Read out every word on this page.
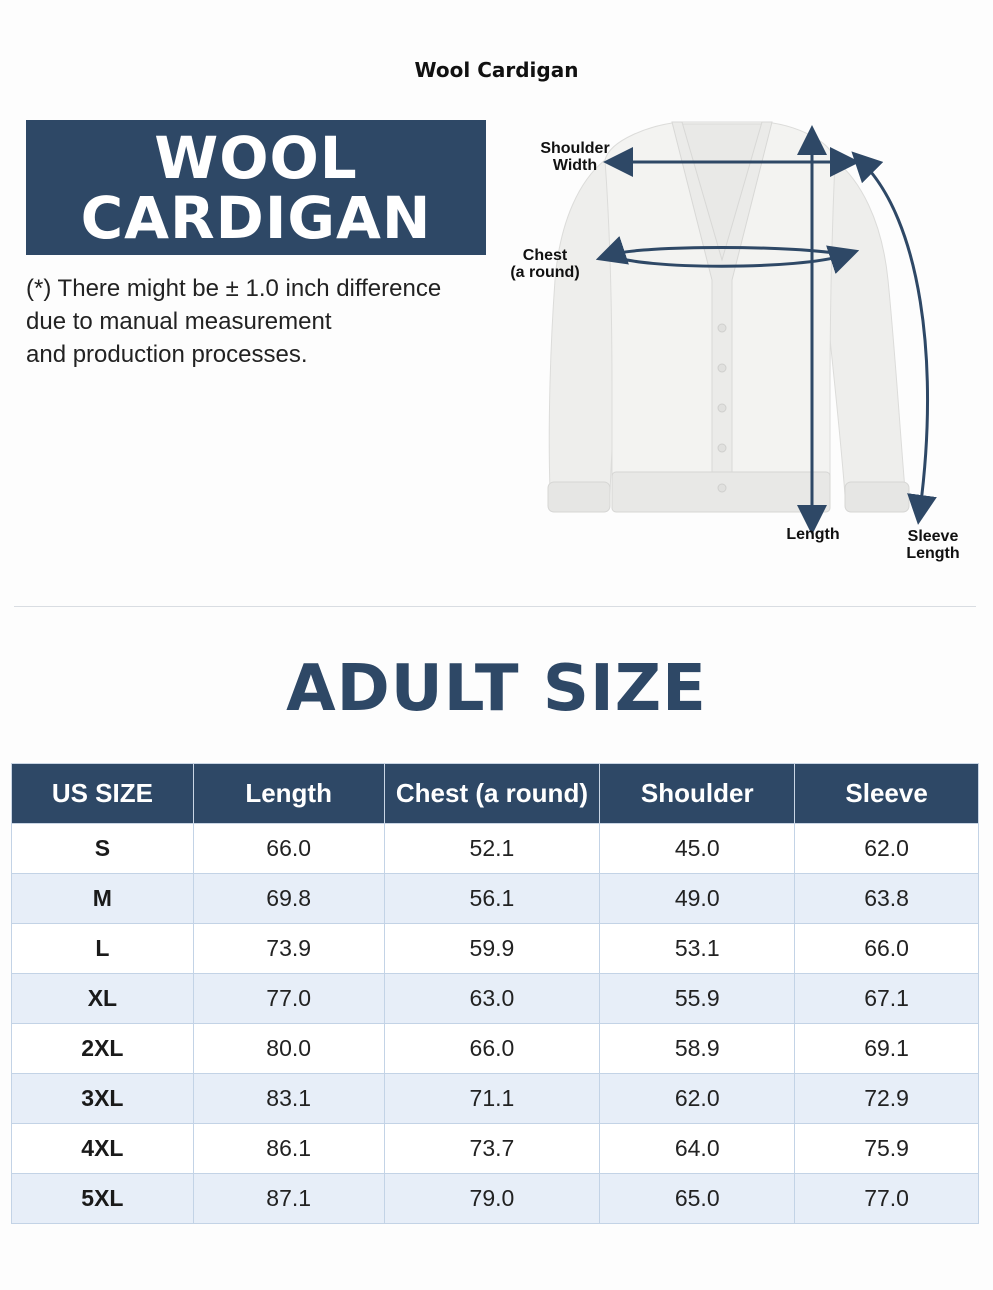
Wool Cardigan
WOOL
CARDIGAN
(*) There might be ± 1.0 inch difference
due to manual measurement
and production processes.
Shoulder
Width
Chest
(a round)
Length	Sleeve
Length
ADULT SIZE
US SIZE	Length	Chest (a round)	Shoulder	Sleeve
S	66.0	52.1	45.0	62.0
M	69.8	56.1	49.0	63.8
L	73.9	59.9	53.1	66.0
XL	77.0	63.0	55.9	67.1
2XL	80.0	66.0	58.9	69.1
3XL	83.1	71.1	62.0	72.9
4XL	86.1	73.7	64.0	75.9
5XL	87.1	79.0	65.0	77.0
